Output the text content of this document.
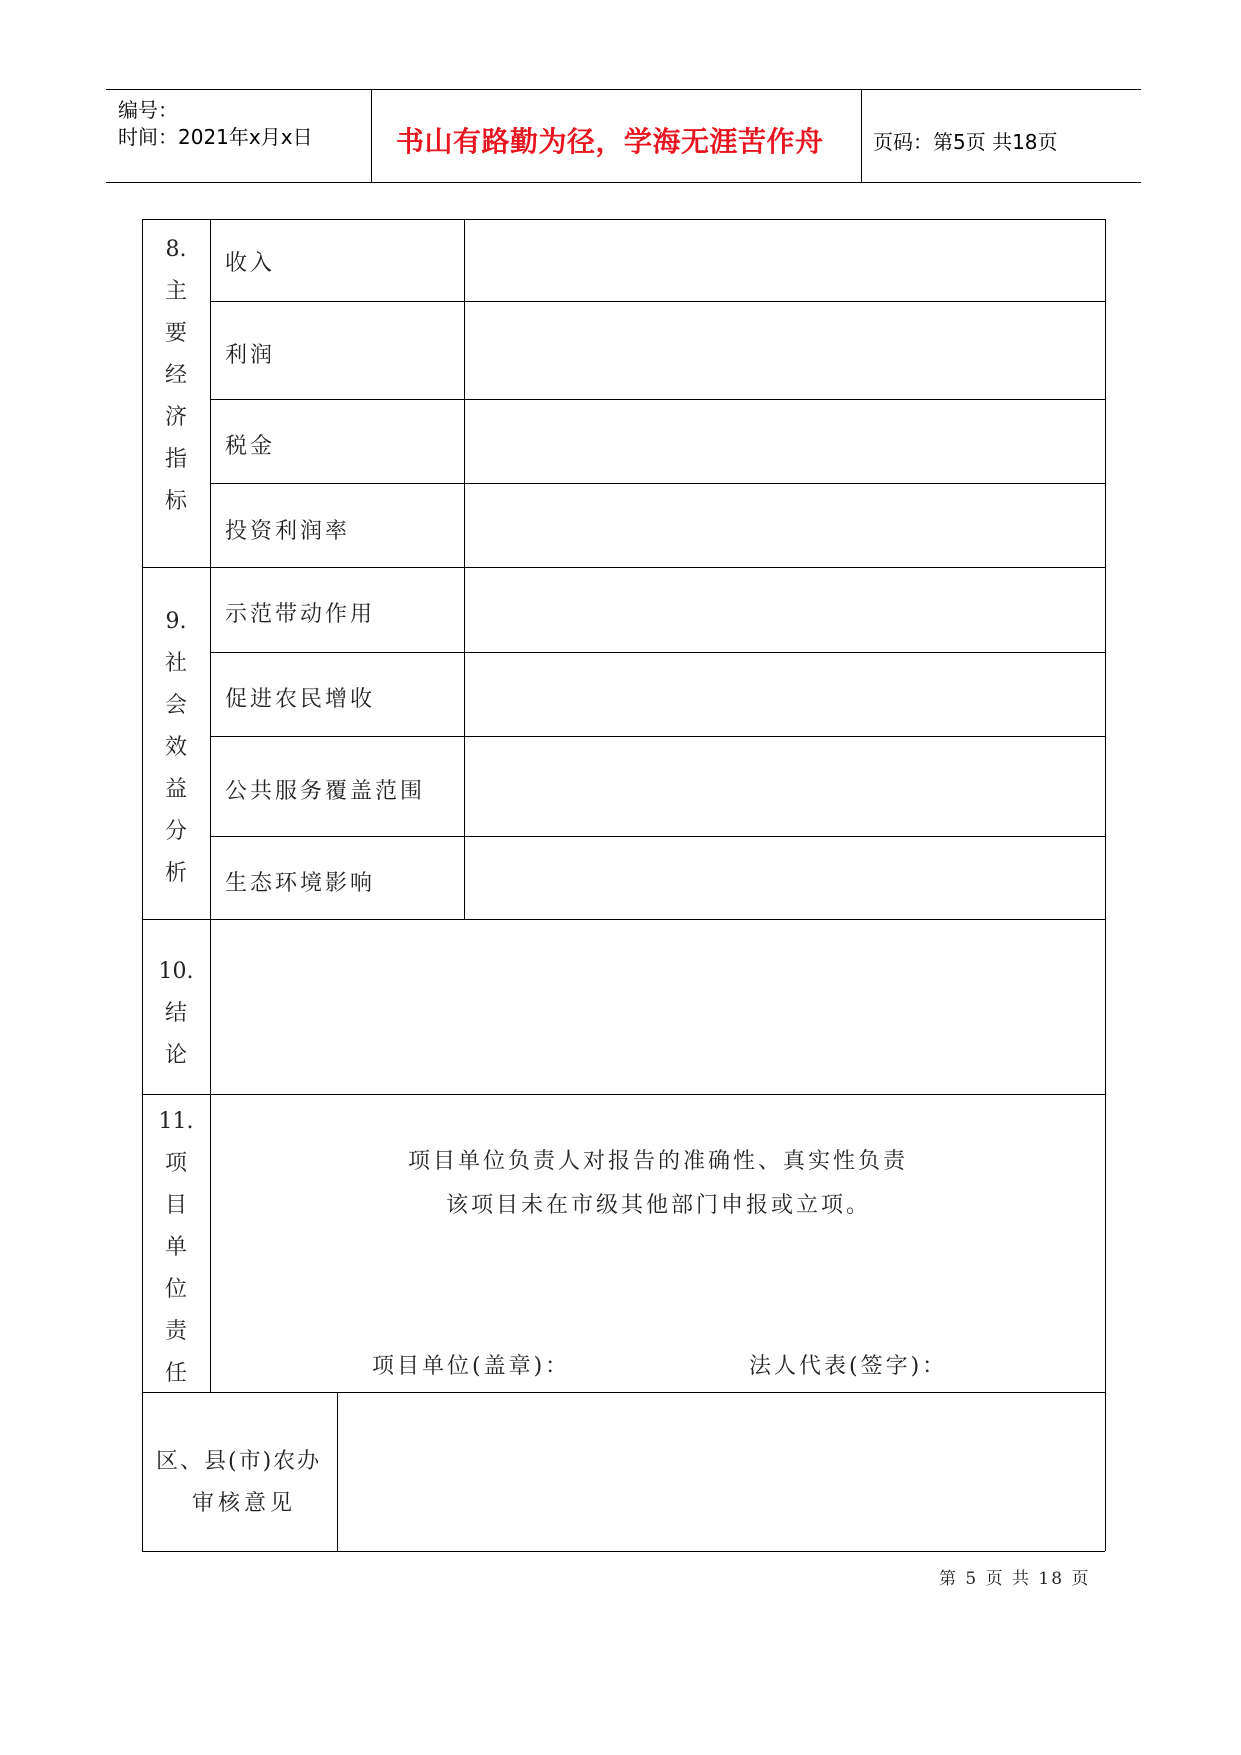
编号：
时间：2021年x月x日	书山有路勤为径，学海无涯苦作舟 页码：第5页 共18页
8.
主
要
经
济
指
标
收入
利润
税金
投资利润率
9.
社
会
效
益
分
析
示范带动作用
促进农民增收
公共服务覆盖范围
生态环境影响
10.
结
论
11.
项
目
单
位
责
任
项目单位负责人对报告的准确性、真实性负责
该项目未在市级其他部门申报或立项。
项目单位(盖章)：	法人代表(签字)：
区、县(市)农办
审核意见
第 5 页 共 18 页
